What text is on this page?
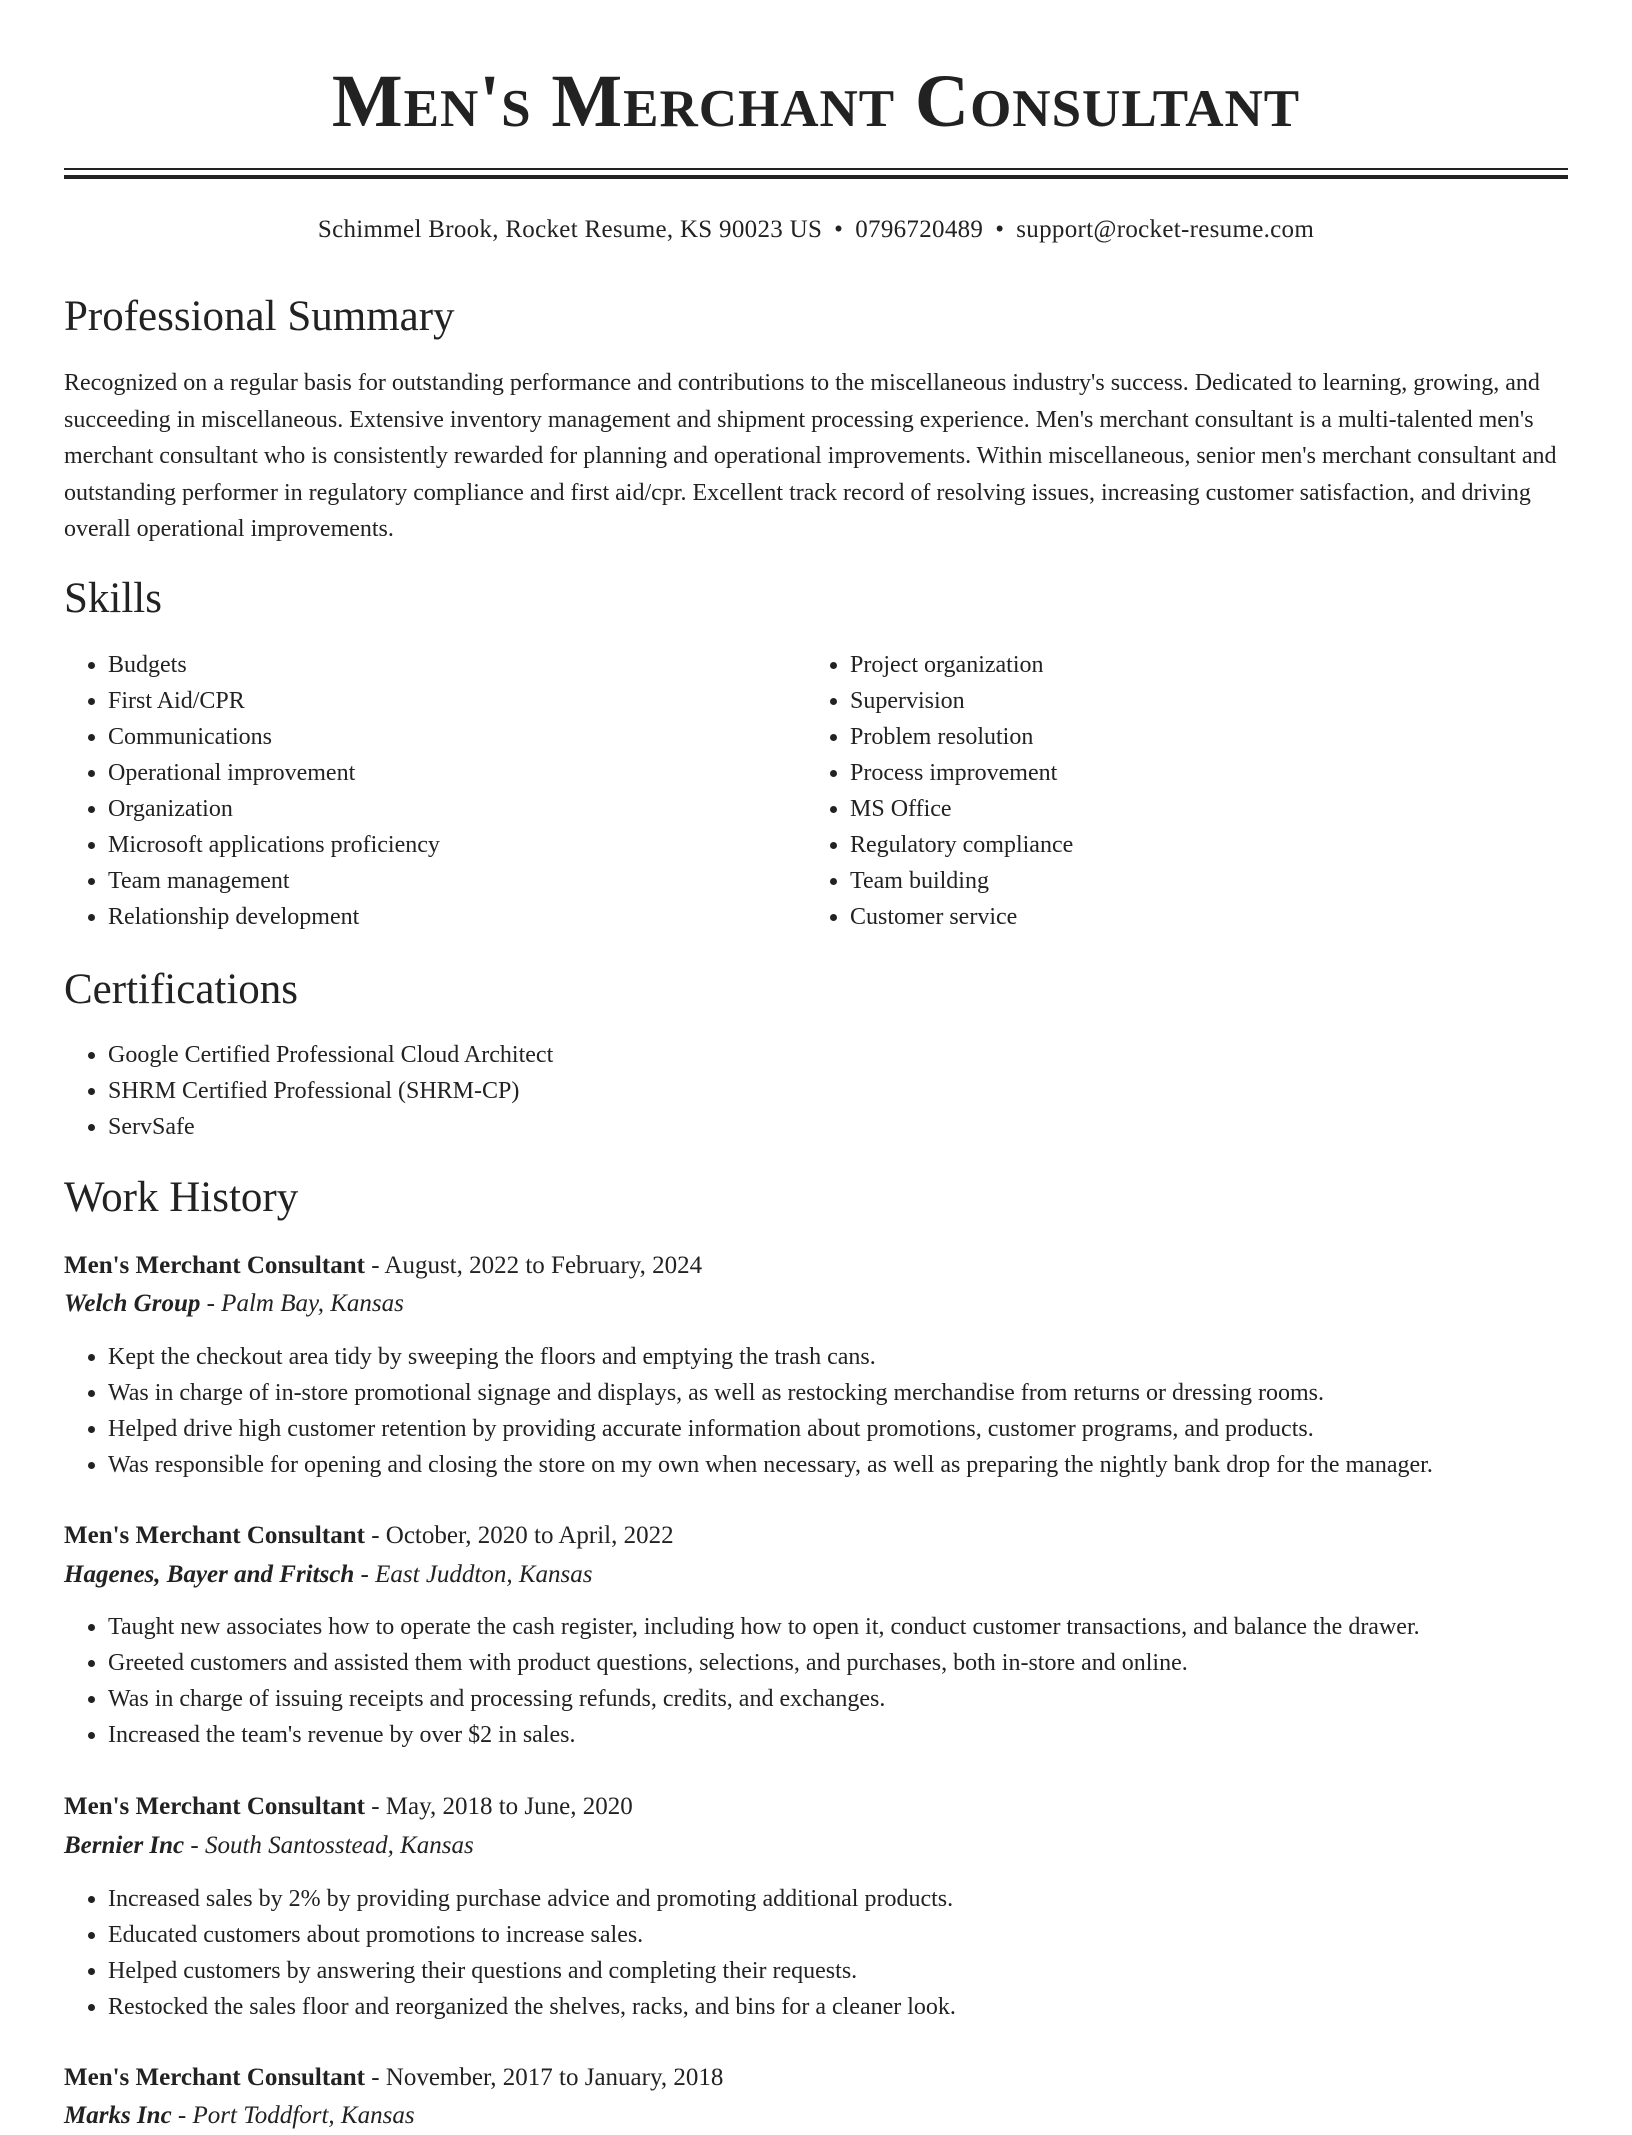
Men's Merchant Consultant
Schimmel Brook, Rocket Resume, KS 90023 US • 0796720489 • support@rocket-resume.com
Professional Summary
Recognized on a regular basis for outstanding performance and contributions to the miscellaneous industry's success. Dedicated to learning, growing, and succeeding in miscellaneous. Extensive inventory management and shipment processing experience. Men's merchant consultant is a multi-talented men's merchant consultant who is consistently rewarded for planning and operational improvements. Within miscellaneous, senior men's merchant consultant and outstanding performer in regulatory compliance and first aid/cpr. Excellent track record of resolving issues, increasing customer satisfaction, and driving overall operational improvements.
Skills
• Budgets
• First Aid/CPR
• Communications
• Operational improvement
• Organization
• Microsoft applications proficiency
• Team management
• Relationship development
• Project organization
• Supervision
• Problem resolution
• Process improvement
• MS Office
• Regulatory compliance
• Team building
• Customer service
Certifications
• Google Certified Professional Cloud Architect
• SHRM Certified Professional (SHRM-CP)
• ServSafe
Work History
Men's Merchant Consultant - August, 2022 to February, 2024
Welch Group - Palm Bay, Kansas
• Kept the checkout area tidy by sweeping the floors and emptying the trash cans.
• Was in charge of in-store promotional signage and displays, as well as restocking merchandise from returns or dressing rooms.
• Helped drive high customer retention by providing accurate information about promotions, customer programs, and products.
• Was responsible for opening and closing the store on my own when necessary, as well as preparing the nightly bank drop for the manager.
Men's Merchant Consultant - October, 2020 to April, 2022
Hagenes, Bayer and Fritsch - East Juddton, Kansas
• Taught new associates how to operate the cash register, including how to open it, conduct customer transactions, and balance the drawer.
• Greeted customers and assisted them with product questions, selections, and purchases, both in-store and online.
• Was in charge of issuing receipts and processing refunds, credits, and exchanges.
• Increased the team's revenue by over $2 in sales.
Men's Merchant Consultant - May, 2018 to June, 2020
Bernier Inc - South Santosstead, Kansas
• Increased sales by 2% by providing purchase advice and promoting additional products.
• Educated customers about promotions to increase sales.
• Helped customers by answering their questions and completing their requests.
• Restocked the sales floor and reorganized the shelves, racks, and bins for a cleaner look.
Men's Merchant Consultant - November, 2017 to January, 2018
Marks Inc - Port Toddfort, Kansas
